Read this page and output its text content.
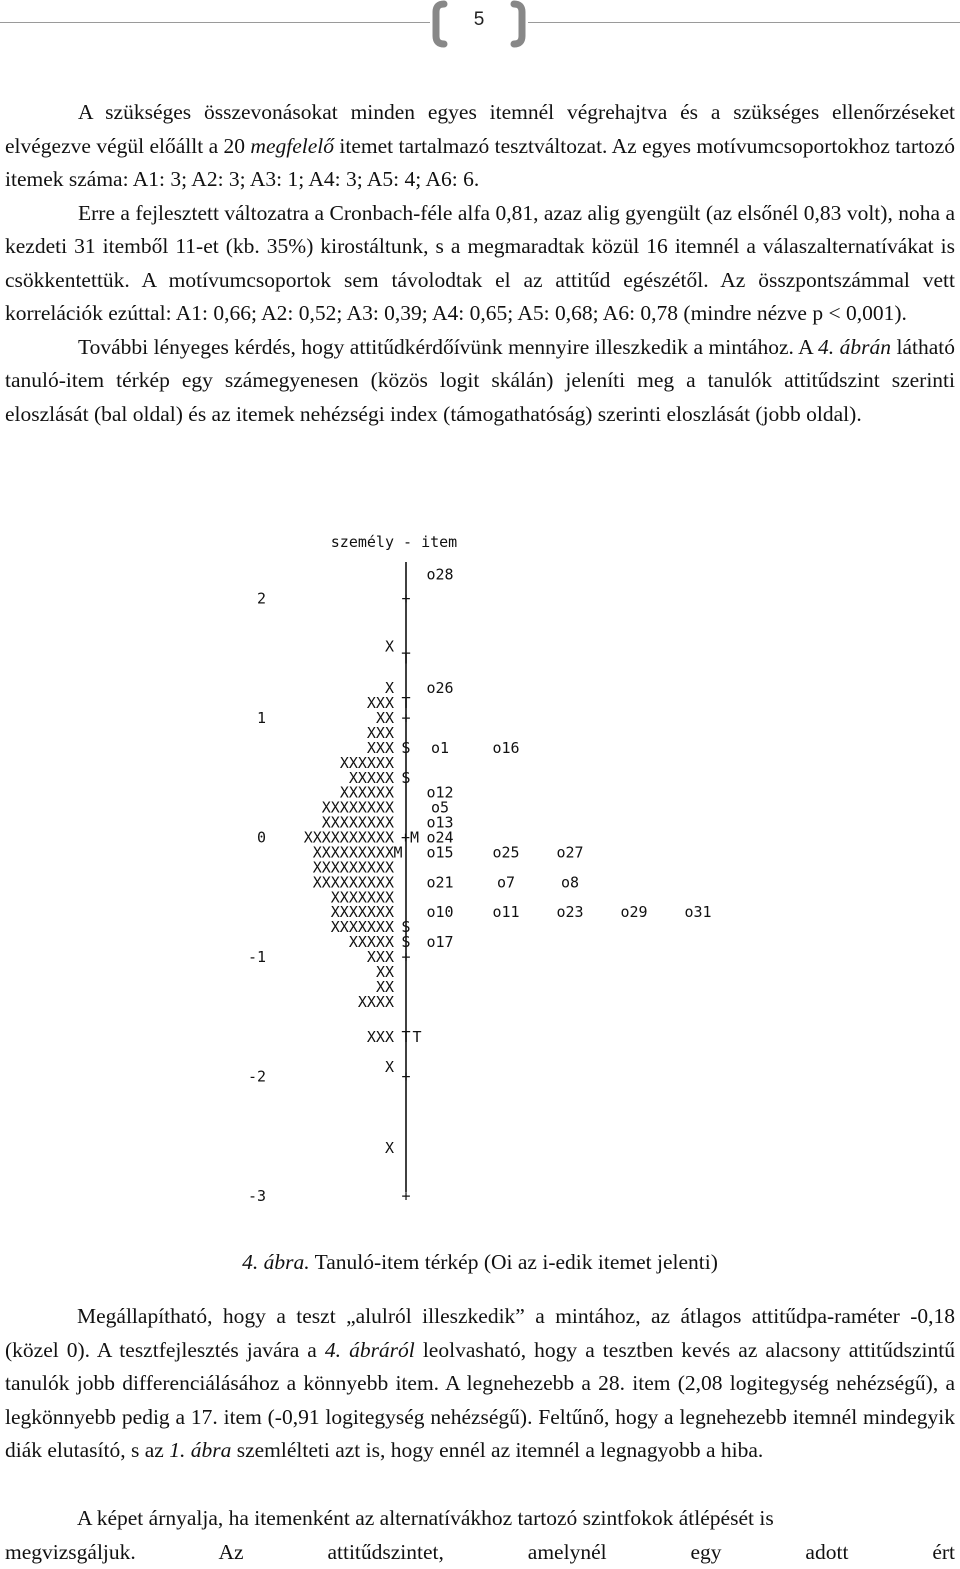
5

A szükséges összevonásokat minden egyes itemnél végrehajtva és a szükséges ellenőrzéseket elvégezve végül előállt a 20 megfelelő itemet tartalmazó tesztváltozat. Az egyes motívumcsoportokhoz tartozó itemek száma: A1: 3; A2: 3; A3: 1; A4: 3; A5: 4; A6: 6.
Erre a fejlesztett változatra a Cronbach-féle alfa 0,81, azaz alig gyengült (az elsőnél 0,83 volt), noha a kezdeti 31 itemből 11-et (kb. 35%) kirostáltunk, s a megmaradtak közül 16 itemnél a válaszalternatívákat is csökkentettük. A motívumcsoportok sem távolodtak el az attitűd egészétől. Az összpontszámmal vett korrelációk ezúttal: A1: 0,66; A2: 0,52; A3: 0,39; A4: 0,65; A5: 0,68; A6: 0,78 (mindre nézve p < 0,001).
További lényeges kérdés, hogy attitűdkérdőívünk mennyire illeszkedik a mintához. A 4. ábrán látható tanuló-item térkép egy számegyenesen (közös logit skálán) jeleníti meg a tanulók attitűdszint szerinti eloszlását (bal oldal) és az itemek nehézségi index (támogathatóság) szerinti eloszlását (jobb oldal).

személy - item
2
1
0
-1
-2
-3
o28
+
X
T
X o26
XXX T
XX +
XXX
XXX S o1	o16
XXXXXX
XXXXX S
XXXXXX o12
XXXXXXXX o5
XXXXXXXX o13
XXXXXXXXXX +M o24
XXXXXXXXX M o15	o25 o27
XXXXXXXXX
XXXXXXXXX o21	o7	o8
XXXXXXX
XXXXXXX o10	o11 o23 o29 o31
XXXXXXX S
XXXXX S o17
XXX +
XX
XX
XXXX
XXX T T
X
+
X
+
4. ábra. Tanuló-item térkép (Oi az i-edik itemet jelenti)

Megállapítható, hogy a teszt „alulról illeszkedik” a mintához, az átlagos attitűdpa-raméter -0,18 (közel 0). A tesztfejlesztés javára a 4. ábráról leolvasható, hogy a tesztben kevés az alacsony attitűdszintű tanulók jobb differenciálásához a könnyebb item. A legnehezebb a 28. item (2,08 logitegység nehézségű), a legkönnyebb pedig a 17. item (-0,91 logitegység nehézségű). Feltűnő, hogy a legnehezebb itemnél mindegyik diák elutasító, s az 1. ábra szemlélteti azt is, hogy ennél az itemnél a legnagyobb a hiba.

A képet árnyalja, ha itemenként az alternatívákhoz tartozó szintfokok átlépését is

megvizsgáljuk. Az attitűdszintet, amelynél egy adott ért
